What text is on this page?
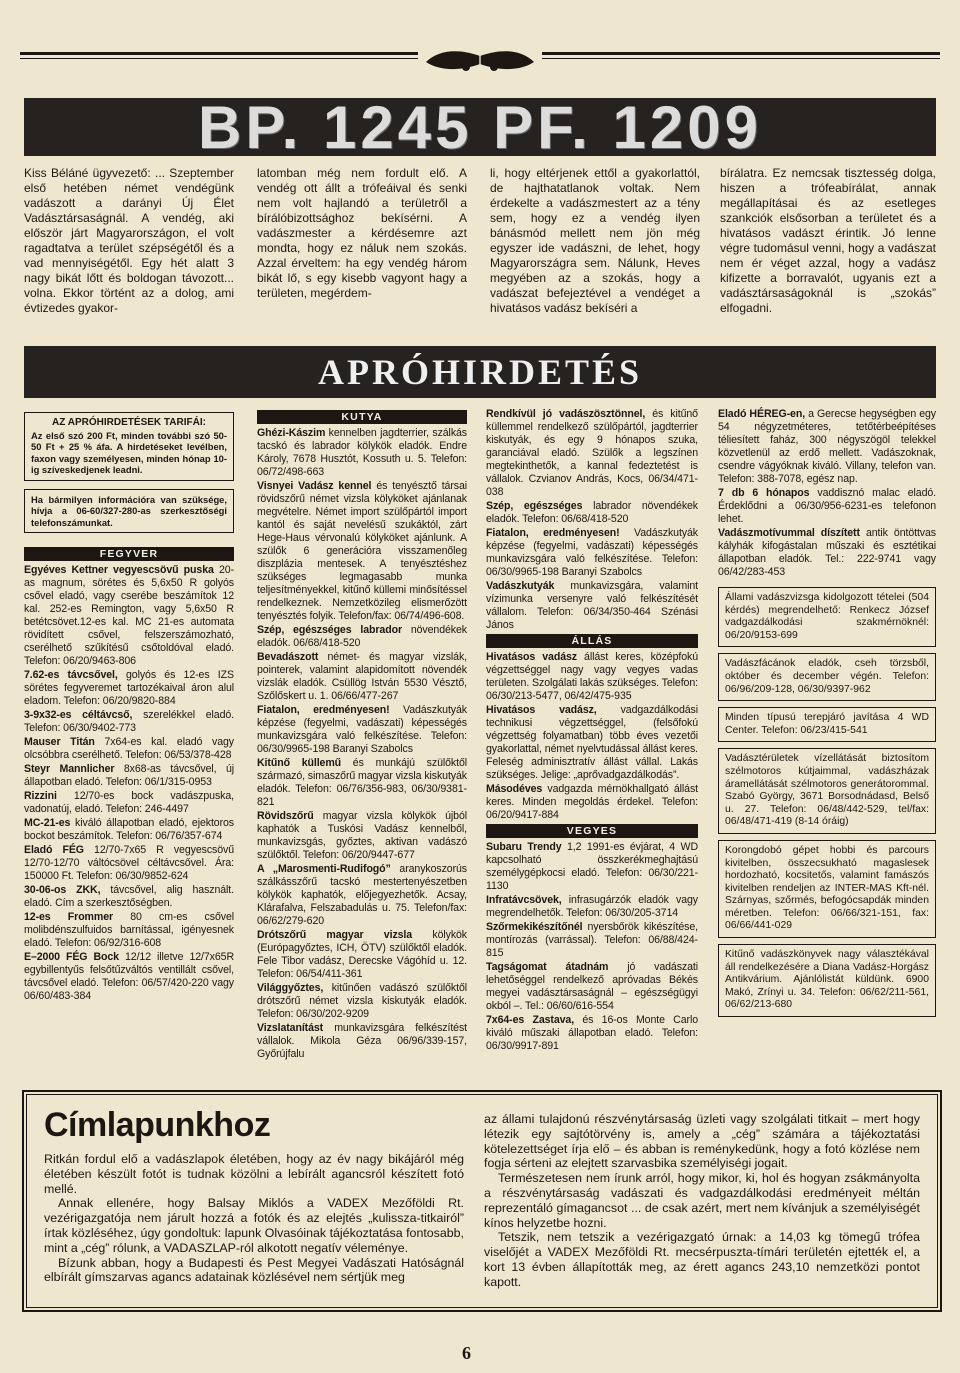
BP. 1245 PF. 1209

Kiss Béláné ügyvezető: ... Szeptember első hetében német vendégünk vadászott a darányi Új Élet Vadásztársaságnál. A vendég, aki először járt Magyarországon, el volt ragadtatva a terület szépségétől és a vad mennyiségétől. Egy hét alatt 3 nagy bikát lőtt és boldogan távozott... volna. Ekkor történt az a dolog, ami évtizedes gyakor-

latomban még nem fordult elő. A vendég ott állt a trófeáival és senki nem volt hajlandó a területről a bírálóbizottsághoz bekísérni. A vadászmester a kérdésemre azt mondta, hogy ez náluk nem szokás. Azzal érveltem: ha egy vendég három bikát lő, s egy kisebb vagyont hagy a területen, megérdem-

li, hogy eltérjenek ettől a gyakorlattól, de hajthatatlanok voltak. Nem érdekelte a vadászmestert az a tény sem, hogy ez a vendég ilyen bánásmód mellett nem jön még egyszer ide vadászni, de lehet, hogy Magyarországra sem. Nálunk, Heves megyében az a szokás, hogy a vadászat befejeztével a vendéget a hivatásos vadász bekíséri a

bírálatra. Ez nemcsak tisztesség dolga, hiszen a trófeabírálat, annak megállapításai és az esetleges szankciók elsősorban a területet és a hivatásos vadászt érintik. Jó lenne végre tudomásul venni, hogy a vadászat nem ér véget azzal, hogy a vadász kifizette a borravalót, ugyanis ezt a vadásztársaságoknál is „szokás” elfogadni.

APRÓHIRDETÉS
AZ APRÓHIRDETÉSEK TARIFÁI:
Az első szó 200 Ft, minden további szó 50-50 Ft + 25 % áfa. A hirdetéseket levélben, faxon vagy személyesen, minden hónap 10-ig szíveskedjenek leadni.
Ha bármilyen információra van szüksége, hívja a 06-60/327-280-as szerkesztőségi telefonszámunkat.
FEGYVER

Egyéves Kettner vegyescsövű puska 20-as magnum, sörétes és 5,6x50 R golyós csővel eladó, vagy cserébe beszámítok 12 kal. 252-es Remington, vagy 5,6x50 R betétcsövet.12-es kal. MC 21-es automata rövidített csővel, felszerszámozható, cserélhető szűkítésű csőtoldóval eladó. Telefon: 06/20/9463-806

7.62-es távcsővel, golyós és 12-es IZS sörétes fegyveremet tartozékaival áron alul eladom. Telefon: 06/20/9820-884

3-9x32-es céltávcső, szerelékkel eladó. Telefon: 06/30/9402-773

Mauser Titán 7x64-es kal. eladó vagy olcsóbbra cserélhető. Telefon: 06/53/378-428

Steyr Mannlicher 8x68-as távcsővel, új állapotban eladó. Telefon: 06/1/315-0953

Rizzini 12/70-es bock vadászpuska, vadonatúj, eladó. Telefon: 246-4497

MC-21-es kiváló állapotban eladó, ejektoros bockot beszámítok. Telefon: 06/76/357-674

Eladó FÉG 12/70-7x65 R vegyescsövű 12/70-12/70 váltócsövel céltávcsővel. Ára: 150000 Ft. Telefon: 06/30/9852-624

30-06-os ZKK, távcsővel, alig használt. eladó. Cím a szerkesztőségben.

12-es Frommer 80 cm-es csővel molibdénszulfuidos barnítással, igényesnek eladó. Telefon: 06/92/316-608

E–2000 FÉG Bock 12/12 illetve 12/7x65R egybillentyűs felsőtűzváltós ventillált csővel, távcsővel eladó. Telefon: 06/57/420-220 vagy 06/60/483-384

KUTYA

Ghézi-Kászim kennelben jagdterrier, szálkás tacskó és labrador kölykök eladók. Endre Károly, 7678 Husztót, Kossuth u. 5. Telefon: 06/72/498-663

Visnyei Vadász kennel és tenyésztő társai rövidszőrű német vizsla kölyköket ajánlanak megvételre. Német import szülőpártól import kantól és saját nevelésű szukáktól, zárt Hege-Haus vérvonalú kölyköket ajánlunk. A szülők 6 generációra visszamenőleg diszplázia mentesek. A tenyésztéshez szükséges legmagasabb munka teljesítményekkel, kitűnő küllemi minősítéssel rendelkeznek. Nemzetközileg elismerőzött tenyésztés folyik. Telefon/fax: 06/74/496-608.

Szép, egészséges labrador növendékek eladók. 06/68/418-520

Bevadászott német- és magyar vizslák, pointerek, valamint alapidomított növendék vizslák eladók. Csüllög István 5530 Vésztő, Szőlőskert u. 1. 06/66/477-267

Fiatalon, eredményesen! Vadászkutyák képzése (fegyelmi, vadászati) képességés munkavizsgára való felkészítése. Telefon: 06/30/9965-198 Baranyi Szabolcs

Kitűnő küllemű és munkájú szülőktől származó, simaszőrű magyar vizsla kiskutyák eladók. Telefon: 06/76/356-983, 06/30/9381-821

Rövidszőrű magyar vizsla kölykök újból kaphatók a Tuskósi Vadász kennelből, munkavizsgás, győztes, aktivan vadászó szülőktől. Telefon: 06/20/9447-677

A „Marosmenti-Rudifogó” aranykoszorús szálkásszőrű tacskó mestertenyészetben kölykök kaphatók, előjegyezhetők. Acsay, Klárafalva, Felszabadulás u. 75. Telefon/fax: 06/62/279-620

Drótszőrű magyar vizsla kölykök (Európagyőztes, ICH, ÖTV) szülőktől eladók. Fele Tibor vadász, Derecske Vágóhíd u. 12. Telefon: 06/54/411-361

Világgyőztes, kitűnően vadászó szülőktől drótszőrű német vizsla kiskutyák eladók. Telefon: 06/30/202-9209

Vizslatanítást munkavizsgára felkészítést vállalok. Mikola Géza 06/96/339-157, Győrújfalu

Rendkívül jó vadászösztönnel, és kitűnő küllemmel rendelkező szülőpártól, jagdterrier kiskutyák, és egy 9 hónapos szuka, garanciával eladó. Szülők a legszínen megtekinthetők, a kannal fedeztetést is vállalok. Czvianov András, Kocs, 06/34/471-038

Szép, egészséges labrador növendékek eladók. Telefon: 06/68/418-520

Fiatalon, eredményesen! Vadászkutyák képzése (fegyelmi, vadászati) képességés munkavizsgára való felkészítése. Telefon: 06/30/9965-198 Baranyi Szabolcs

Vadászkutyák munkavizsgára, valamint vízimunka versenyre való felkészítését vállalom. Telefon: 06/34/350-464 Szénási János

ÁLLÁS

Hivatásos vadász állást keres, középfokú végzettséggel nagy vagy vegyes vadas területen. Szolgálati lakás szükséges. Telefon: 06/30/213-5477, 06/42/475-935

Hivatásos vadász, vadgazdálkodási technikusi végzettséggel, (felsőfokú végzettség folyamatban) több éves vezetői gyakorlattal, német nyelvtudással állást keres. Feleség adminisztratív állást vállal. Lakás szükséges. Jelige: „aprővadgazdálkodás”.

Másodéves vadgazda mérnökhallgató állást keres. Minden megoldás érdekel. Telefon: 06/20/9417-884

VEGYES

Subaru Trendy 1,2 1991-es évjárat, 4 WD kapcsolható összkerékmeghajtású személygépkocsi eladó. Telefon: 06/30/221-1130

Infratávcsövek, infrasugárzók eladók vagy megrendelhetők. Telefon: 06/30/205-3714

Szőrmekikészítőnél nyersbőrök kikészítése, montírozás (varrással). Telefon: 06/88/424-815

Tagságomat átadnám jó vadászati lehetőséggel rendelkező apróvadas Békés megyei vadásztársaságnál – egészségügyi okból –. Tel.: 06/60/616-554

7x64-es Zastava, és 16-os Monte Carlo kiváló műszaki állapotban eladó. Telefon: 06/30/9917-891

Eladó HÉREG-en, a Gerecse hegységben egy 54 négyzetméteres, tetőtérbeépítéses téliesített faház, 300 négyszögöl telekkel közvetlenül az erdő mellett. Vadászoknak, csendre vágyóknak kiváló. Villany, telefon van. Telefon: 388-7078, egész nap.

7 db 6 hónapos vaddisznó malac eladó. Érdeklődni a 06/30/956-6231-es telefonon lehet.

Vadászmotívummal díszített antik öntöttvas kályhák kifogástalan műszaki és esztétikai állapotban eladók. Tel.: 222-9741 vagy 06/42/283-453

Állami vadászvizsga kidolgozott tételei (504 kérdés) megrendelhető: Renkecz József vadgazdálkodási szakmérnöknél: 06/20/9153-699
Vadászfácánok eladók, cseh törzsből, október és december végén. Telefon: 06/96/209-128, 06/30/9397-962
Minden típusú terepjáró javítása 4 WD Center. Telefon: 06/23/415-541
Vadásztérületek vízellátását biztosítom szélmotoros kútjaimmal, vadászházak áramellátását szélmotoros generátorommal. Szabó György, 3671 Borsodnádasd, Belső u. 27. Telefon: 06/48/442-529, tel/fax: 06/48/471-419 (8-14 óráig)
Korongdobó gépet hobbi és parcours kivitelben, összecsukható magaslesek hordozható, kocsitetős, valamint famászós kivitelben rendeljen az INTER-MAS Kft-nél. Szárnyas, szőrmés, befogócsapdák minden méretben. Telefon: 06/66/321-151, fax: 06/66/441-029
Kitűnő vadászkönyvek nagy választékával áll rendelkezésére a Diana Vadász-Horgász Antikvárium. Ajánlólistát küldünk. 6900 Makó, Zrínyi u. 34. Telefon: 06/62/211-561, 06/62/213-680
Címlapunkhoz

Ritkán fordul elő a vadászlapok életében, hogy az év nagy bikájáról még életében készült fotót is tudnak közölni a lebírált agancsról készített fotó mellé.

Annak ellenére, hogy Balsay Miklós a VADEX Mezőföldi Rt. vezérigazgatója nem járult hozzá a fotók és az elejtés „kulissza-titkairól” írtak közléséhez, úgy gondoltuk: lapunk Olvasóinak tájékoztatása fontosabb, mint a „cég” rólunk, a VADASZLAP-ról alkotott negatív véleménye.

Bízunk abban, hogy a Budapesti és Pest Megyei Vadászati Hatóságnál elbírált gímszarvas agancs adatainak közlésével nem sértjük meg

az állami tulajdonú részvénytársaság üzleti vagy szolgálati titkait – mert hogy létezik egy sajtótörvény is, amely a „cég” számára a tájékoztatási kötelezettséget írja elő – és abban is reménykedünk, hogy a fotó közlése nem fogja sérteni az elejtett szarvasbika személyiségi jogait.

Természetesen nem írunk arról, hogy mikor, ki, hol és hogyan zsákmányolta a részvénytársaság vadászati és vadgazdálkodási eredményeit méltán reprezentáló gímagancsot ... de csak azért, mert nem kívánjuk a személyiségét kínos helyzetbe hozni.

Tetszik, nem tetszik a vezérigazgató úrnak: a 14,03 kg tömegű trófea viselőjét a VADEX Mezőföldi Rt. mecsérpuszta-tímári területén ejtették el, a kort 13 évben állapították meg, az érett agancs 243,10 nemzetközi pontot kapott.

6
